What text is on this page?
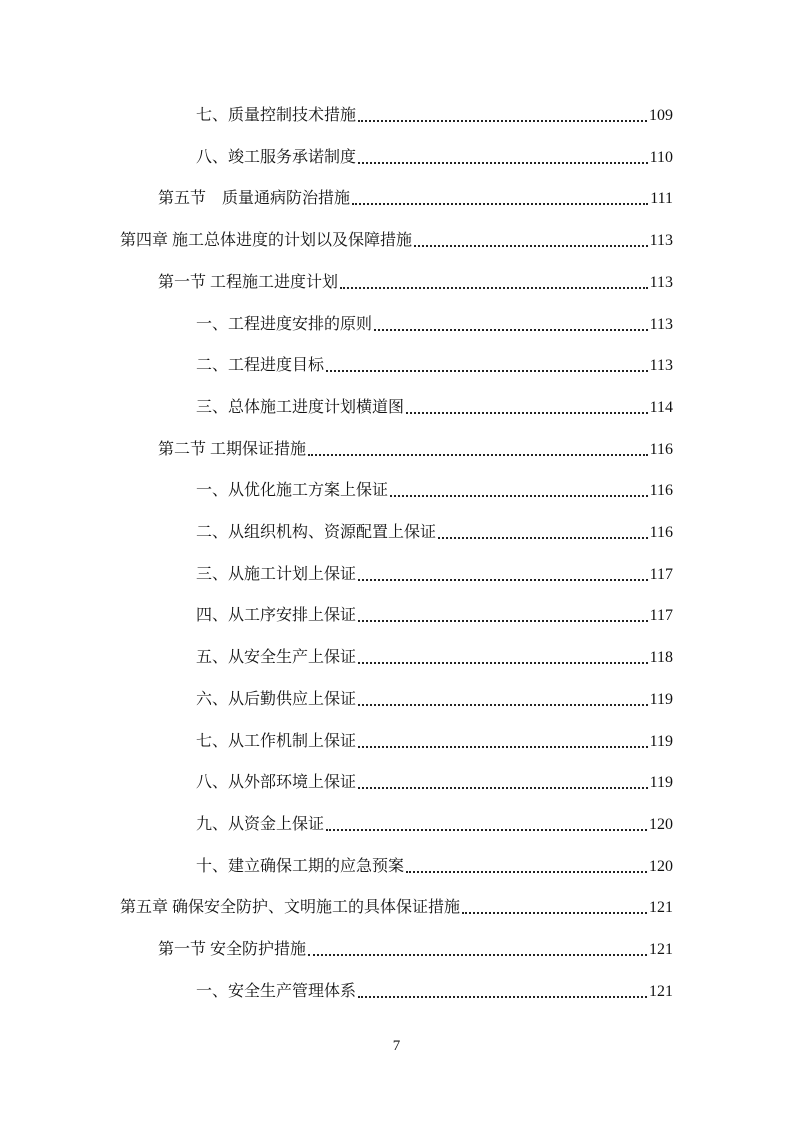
七、质量控制技术措施	109
八、竣工服务承诺制度	110
第五节　质量通病防治措施	111
第四章 施工总体进度的计划以及保障措施	113
第一节 工程施工进度计划	113
一、工程进度安排的原则	113
二、工程进度目标	113
三、总体施工进度计划横道图	114
第二节 工期保证措施	116
一、从优化施工方案上保证	116
二、从组织机构、资源配置上保证	116
三、从施工计划上保证	117
四、从工序安排上保证	117
五、从安全生产上保证	118
六、从后勤供应上保证	119
七、从工作机制上保证	119
八、从外部环境上保证	119
九、从资金上保证	120
十、建立确保工期的应急预案	120
第五章 确保安全防护、文明施工的具体保证措施	121
第一节 安全防护措施	121
一、安全生产管理体系	121
7
